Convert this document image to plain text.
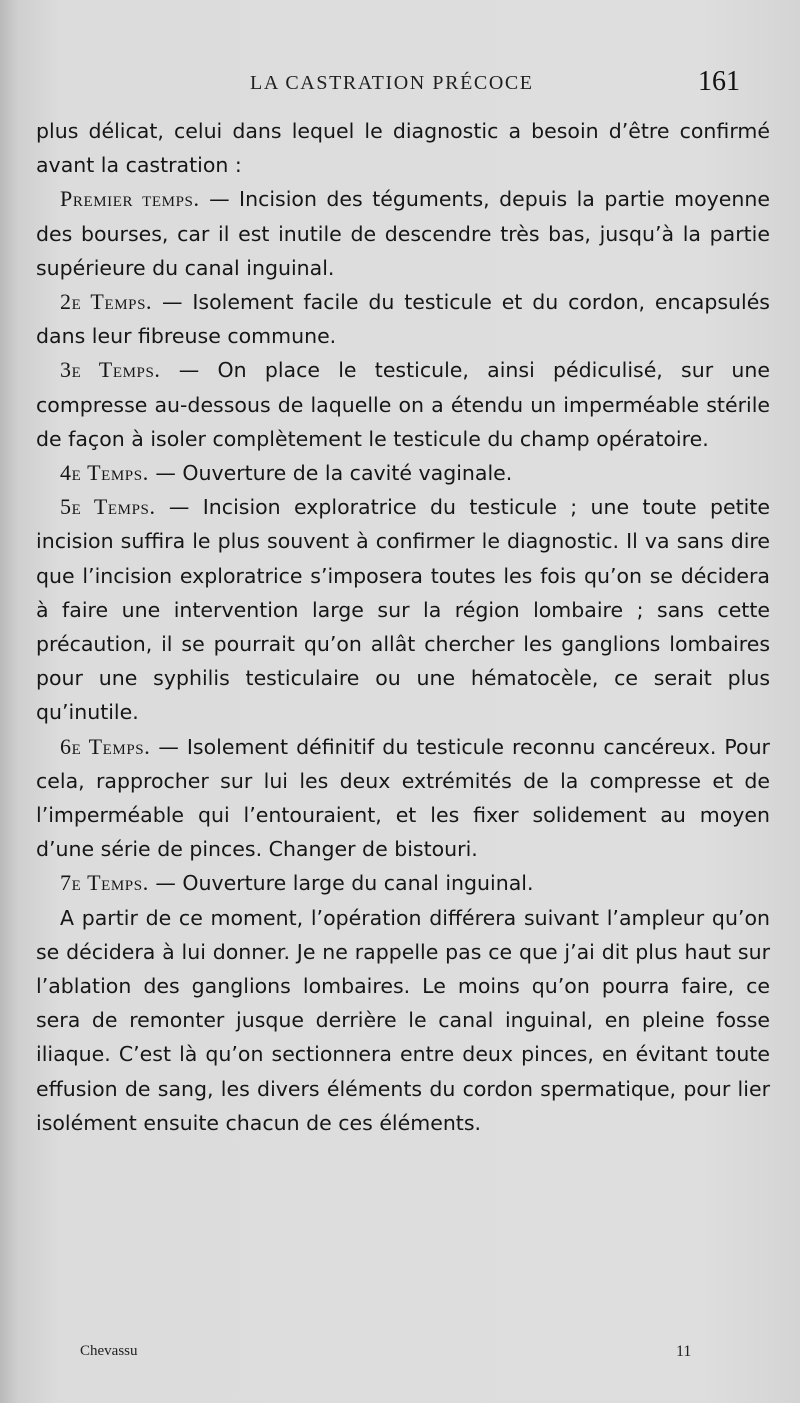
LA CASTRATION PRÉCOCE	161

plus délicat, celui dans lequel le diagnostic a besoin d’être confirmé avant la castration :

Premier temps. — Incision des téguments, depuis la partie moyenne des bourses, car il est inutile de descendre très bas, jusqu’à la partie supérieure du canal inguinal.

2e Temps. — Isolement facile du testicule et du cordon, encapsulés dans leur fibreuse commune.

3e Temps. — On place le testicule, ainsi pédiculisé, sur une compresse au-dessous de laquelle on a étendu un imperméable stérile de façon à isoler complètement le testicule du champ opératoire.

4e Temps. — Ouverture de la cavité vaginale.

5e Temps. — Incision exploratrice du testicule ; une toute petite incision suffira le plus souvent à confirmer le diagnostic. Il va sans dire que l’incision exploratrice s’imposera toutes les fois qu’on se décidera à faire une intervention large sur la région lombaire ; sans cette précaution, il se pourrait qu’on allât chercher les ganglions lombaires pour une syphilis testiculaire ou une hématocèle, ce serait plus qu’inutile.

6e Temps. — Isolement définitif du testicule reconnu cancéreux. Pour cela, rapprocher sur lui les deux extrémités de la compresse et de l’imperméable qui l’entouraient, et les fixer solidement au moyen d’une série de pinces. Changer de bistouri.

7e Temps. — Ouverture large du canal inguinal.

A partir de ce moment, l’opération différera suivant l’ampleur qu’on se décidera à lui donner. Je ne rappelle pas ce que j’ai dit plus haut sur l’ablation des ganglions lombaires. Le moins qu’on pourra faire, ce sera de remonter jusque derrière le canal inguinal, en pleine fosse iliaque. C’est là qu’on sectionnera entre deux pinces, en évitant toute effusion de sang, les divers éléments du cordon spermatique, pour lier isolément ensuite chacun de ces éléments.

Chevassu	11
